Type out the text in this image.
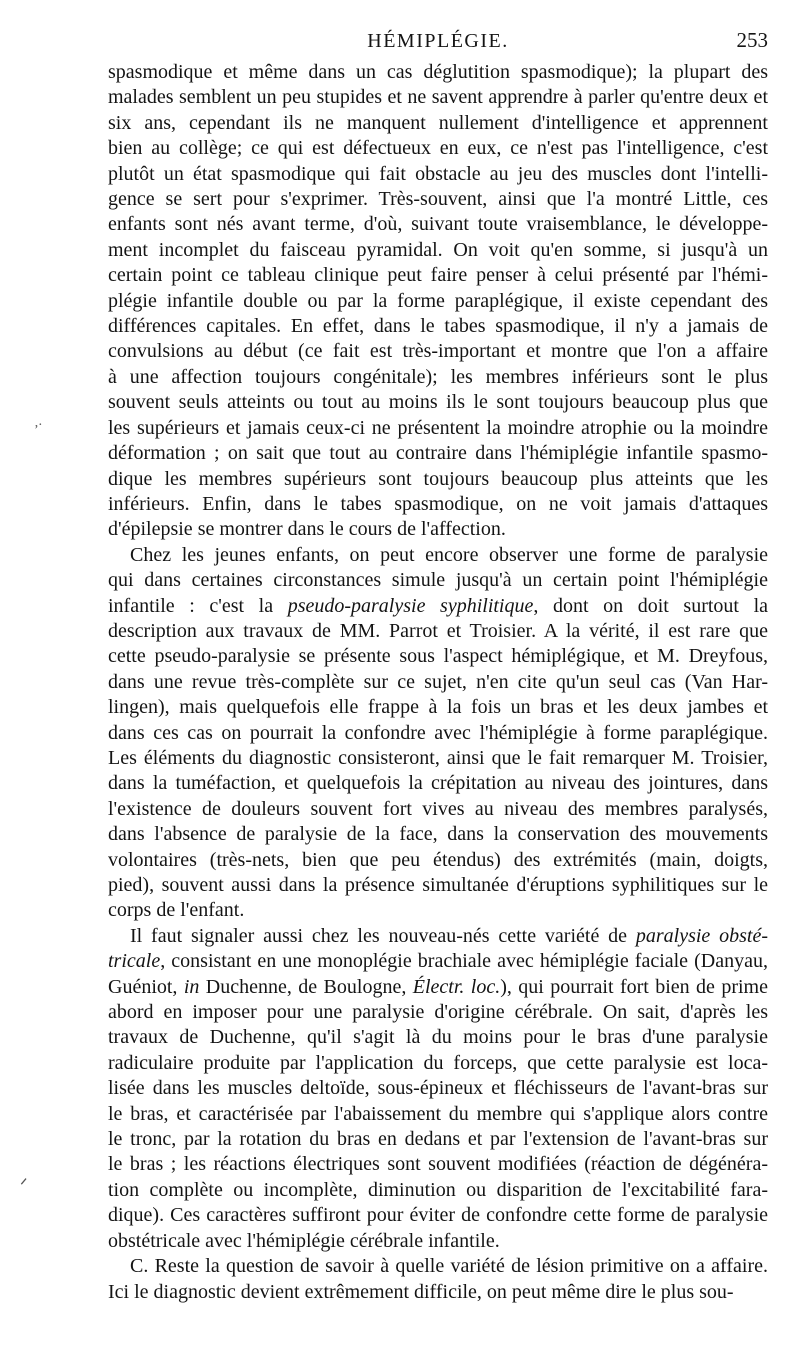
HÉMIPLÉGIE.	253
spasmodique et même dans un cas déglutition spasmodique); la plupart des
malades semblent un peu stupides et ne savent apprendre à parler qu'entre deux et
six ans, cependant ils ne manquent nullement d'intelligence et apprennent
bien au collège; ce qui est défectueux en eux, ce n'est pas l'intelligence, c'est
plutôt un état spasmodique qui fait obstacle au jeu des muscles dont l'intelli-
gence se sert pour s'exprimer. Très-souvent, ainsi que l'a montré Little, ces
enfants sont nés avant terme, d'où, suivant toute vraisemblance, le développe-
ment incomplet du faisceau pyramidal. On voit qu'en somme, si jusqu'à un
certain point ce tableau clinique peut faire penser à celui présenté par l'hémi-
plégie infantile double ou par la forme paraplégique, il existe cependant des
différences capitales. En effet, dans le tabes spasmodique, il n'y a jamais de
convulsions au début (ce fait est très-important et montre que l'on a affaire
à une affection toujours congénitale); les membres inférieurs sont le plus
souvent seuls atteints ou tout au moins ils le sont toujours beaucoup plus que
les supérieurs et jamais ceux-ci ne présentent la moindre atrophie ou la moindre
déformation ; on sait que tout au contraire dans l'hémiplégie infantile spasmo-
dique les membres supérieurs sont toujours beaucoup plus atteints que les
inférieurs. Enfin, dans le tabes spasmodique, on ne voit jamais d'attaques
d'épilepsie se montrer dans le cours de l'affection.
Chez les jeunes enfants, on peut encore observer une forme de paralysie
qui dans certaines circonstances simule jusqu'à un certain point l'hémiplégie
infantile : c'est la pseudo-paralysie syphilitique, dont on doit surtout la
description aux travaux de MM. Parrot et Troisier. A la vérité, il est rare que
cette pseudo-paralysie se présente sous l'aspect hémiplégique, et M. Dreyfous,
dans une revue très-complète sur ce sujet, n'en cite qu'un seul cas (Van Har-
lingen), mais quelquefois elle frappe à la fois un bras et les deux jambes et
dans ces cas on pourrait la confondre avec l'hémiplégie à forme paraplégique.
Les éléments du diagnostic consisteront, ainsi que le fait remarquer M. Troisier,
dans la tuméfaction, et quelquefois la crépitation au niveau des jointures, dans
l'existence de douleurs souvent fort vives au niveau des membres paralysés,
dans l'absence de paralysie de la face, dans la conservation des mouvements
volontaires (très-nets, bien que peu étendus) des extrémités (main, doigts,
pied), souvent aussi dans la présence simultanée d'éruptions syphilitiques sur le
corps de l'enfant.
Il faut signaler aussi chez les nouveau-nés cette variété de paralysie obsté-
tricale, consistant en une monoplégie brachiale avec hémiplégie faciale (Danyau,
Guéniot, in Duchenne, de Boulogne, Électr. loc.), qui pourrait fort bien de prime
abord en imposer pour une paralysie d'origine cérébrale. On sait, d'après les
travaux de Duchenne, qu'il s'agit là du moins pour le bras d'une paralysie
radiculaire produite par l'application du forceps, que cette paralysie est loca-
lisée dans les muscles deltoïde, sous-épineux et fléchisseurs de l'avant-bras sur
le bras, et caractérisée par l'abaissement du membre qui s'applique alors contre
le tronc, par la rotation du bras en dedans et par l'extension de l'avant-bras sur
le bras ; les réactions électriques sont souvent modifiées (réaction de dégénéra-
tion complète ou incomplète, diminution ou disparition de l'excitabilité fara-
dique). Ces caractères suffiront pour éviter de confondre cette forme de paralysie
obstétricale avec l'hémiplégie cérébrale infantile.
C. Reste la question de savoir à quelle variété de lésion primitive on a affaire.
Ici le diagnostic devient extrêmement difficile, on peut même dire le plus sou-
·
ʼ
ᐟ
